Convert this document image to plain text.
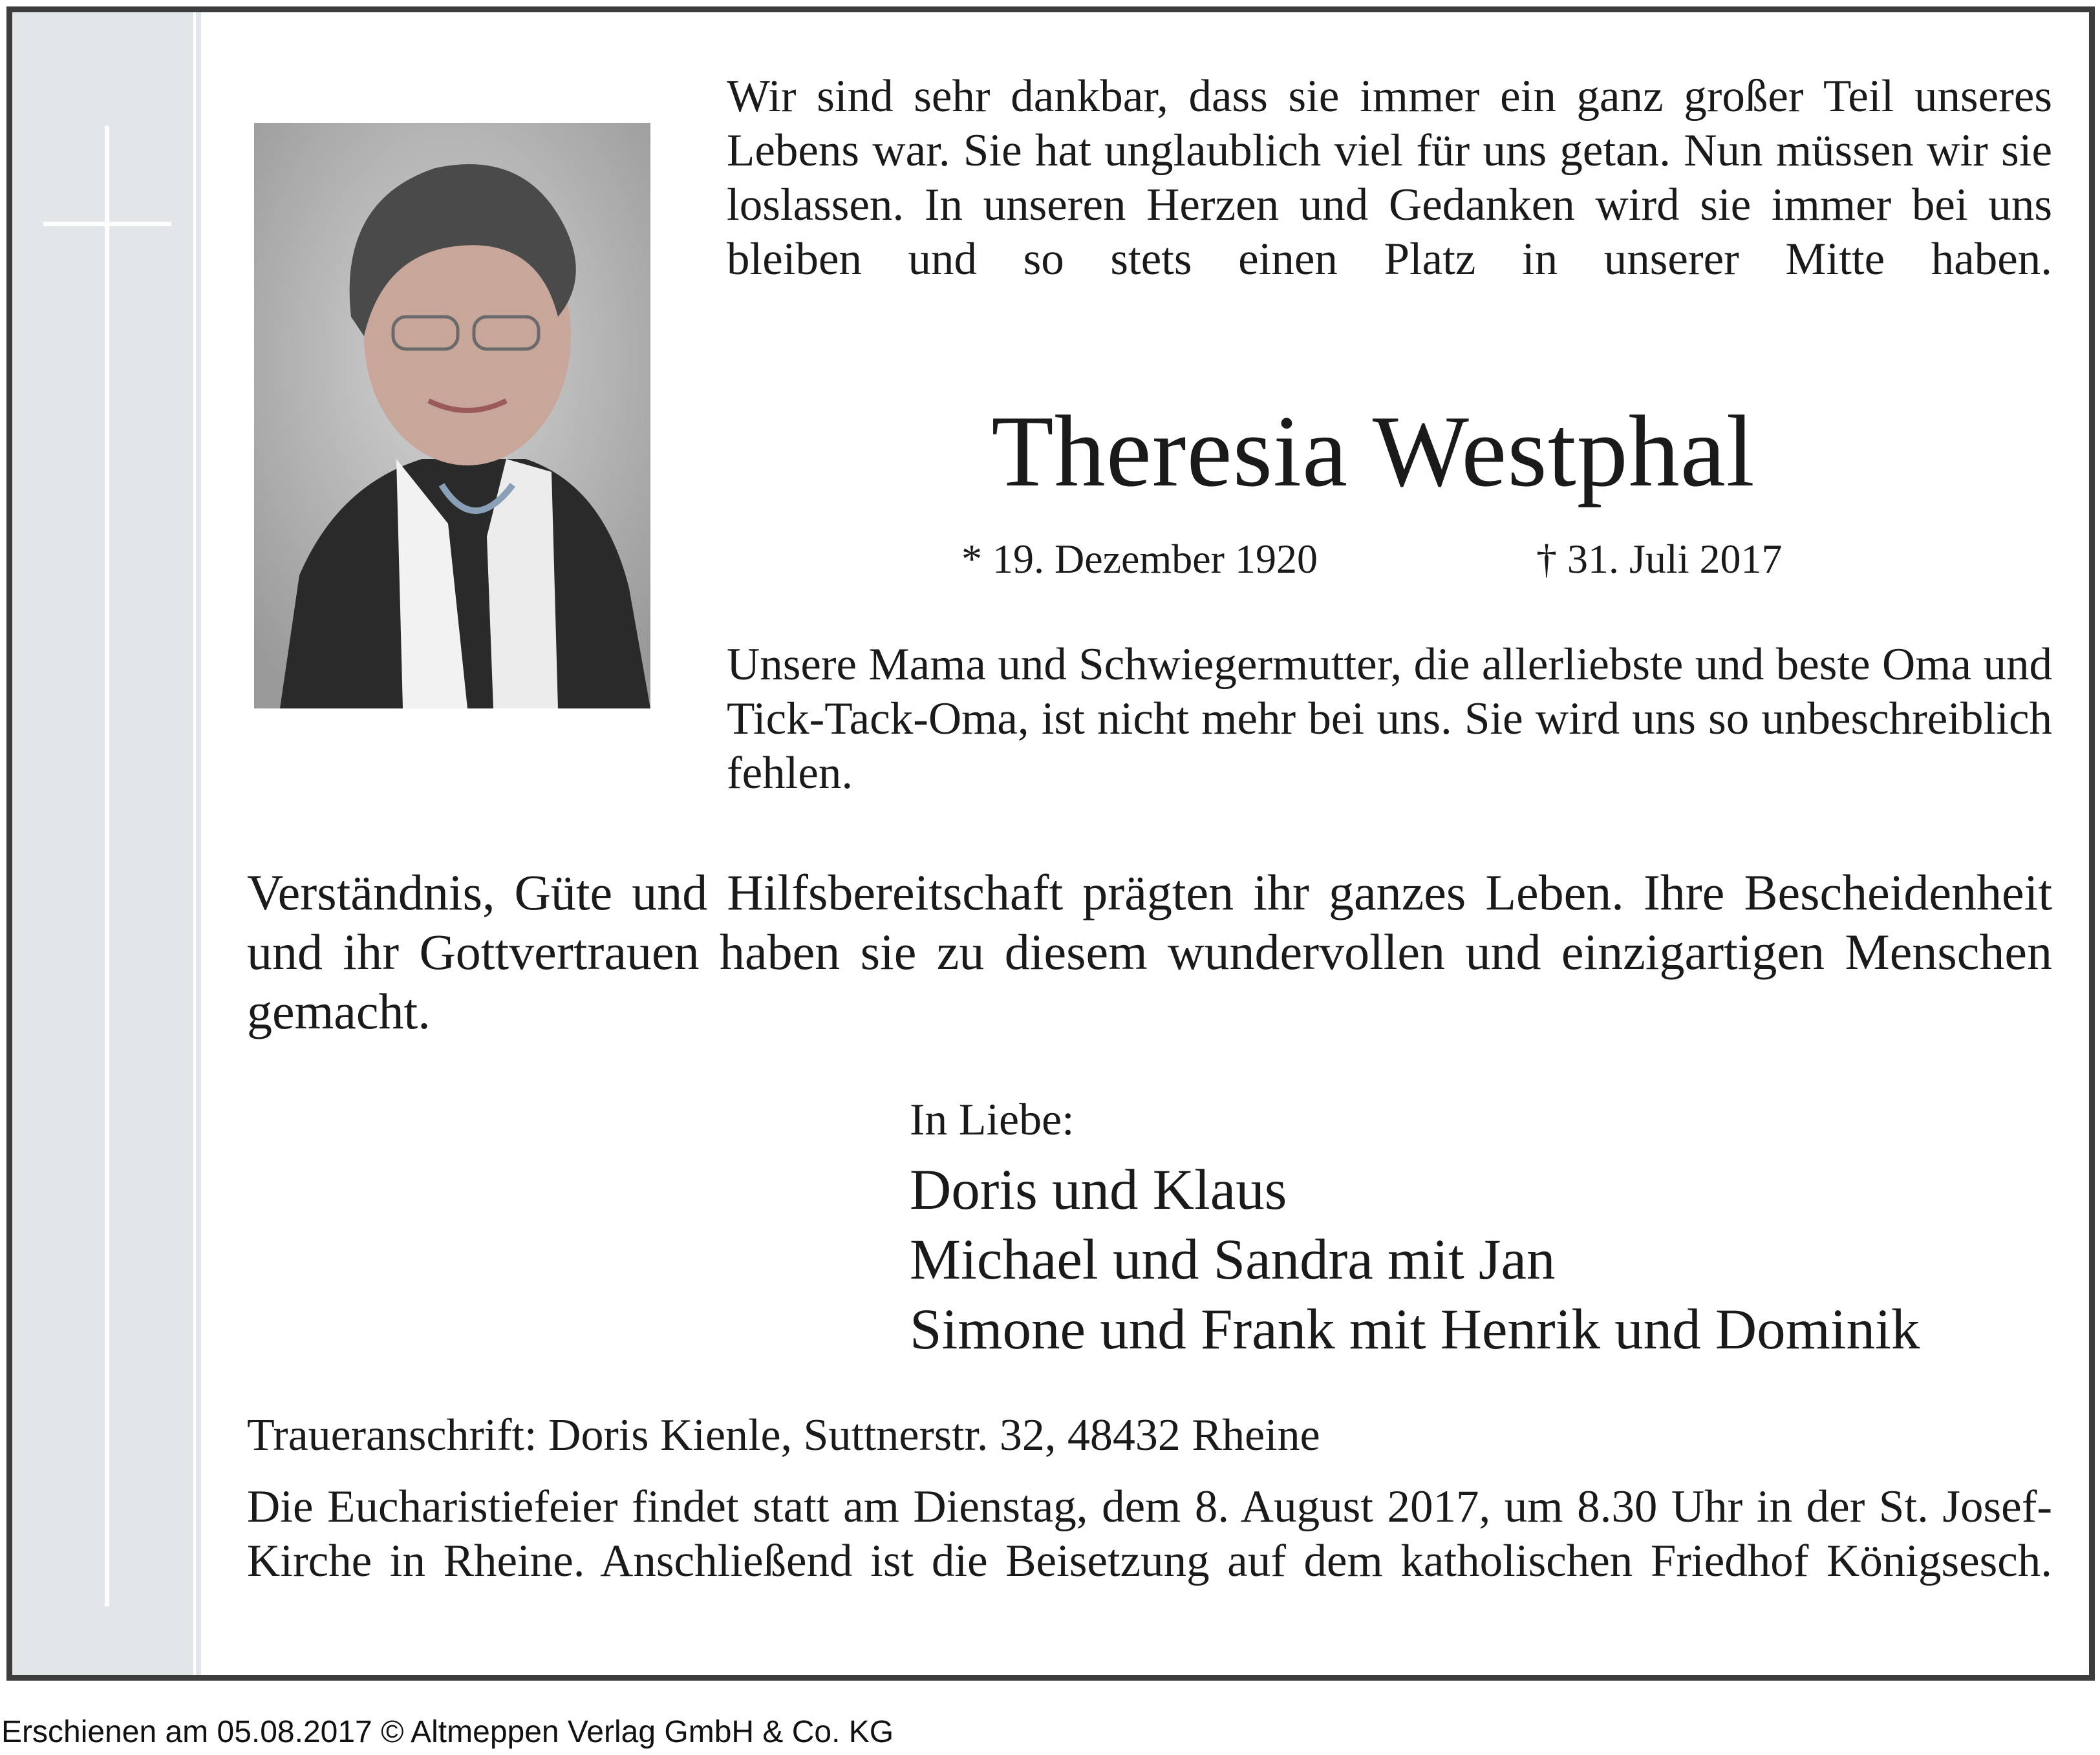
Wir sind sehr dankbar, dass sie immer ein ganz großer Teil unseres Lebens war. Sie hat unglaublich viel für uns getan. Nun müssen wir sie loslassen. In unseren Herzen und Gedanken wird sie immer bei uns bleiben und so stets einen Platz in unserer Mitte haben.
Theresia Westphal
* 19. Dezember 1920	† 31. Juli 2017
Unsere Mama und Schwiegermutter, die allerliebste und beste Oma und Tick-Tack-Oma, ist nicht mehr bei uns. Sie wird uns so unbeschreiblich fehlen.
Verständnis, Güte und Hilfsbereitschaft prägten ihr ganzes Leben. Ihre Bescheidenheit und ihr Gottvertrauen haben sie zu diesem wundervollen und einzigartigen Menschen gemacht.
In Liebe:
Doris und Klaus
Michael und Sandra mit Jan
Simone und Frank mit Henrik und Dominik
Traueranschrift: Doris Kienle, Suttnerstr. 32, 48432 Rheine
Die Eucharistiefeier findet statt am Dienstag, dem 8. August 2017, um 8.30 Uhr in der St. Josef-Kirche in Rheine. Anschließend ist die Beisetzung auf dem katholischen Friedhof Königsesch.
Erschienen am 05.08.2017 © Altmeppen Verlag GmbH & Co. KG
